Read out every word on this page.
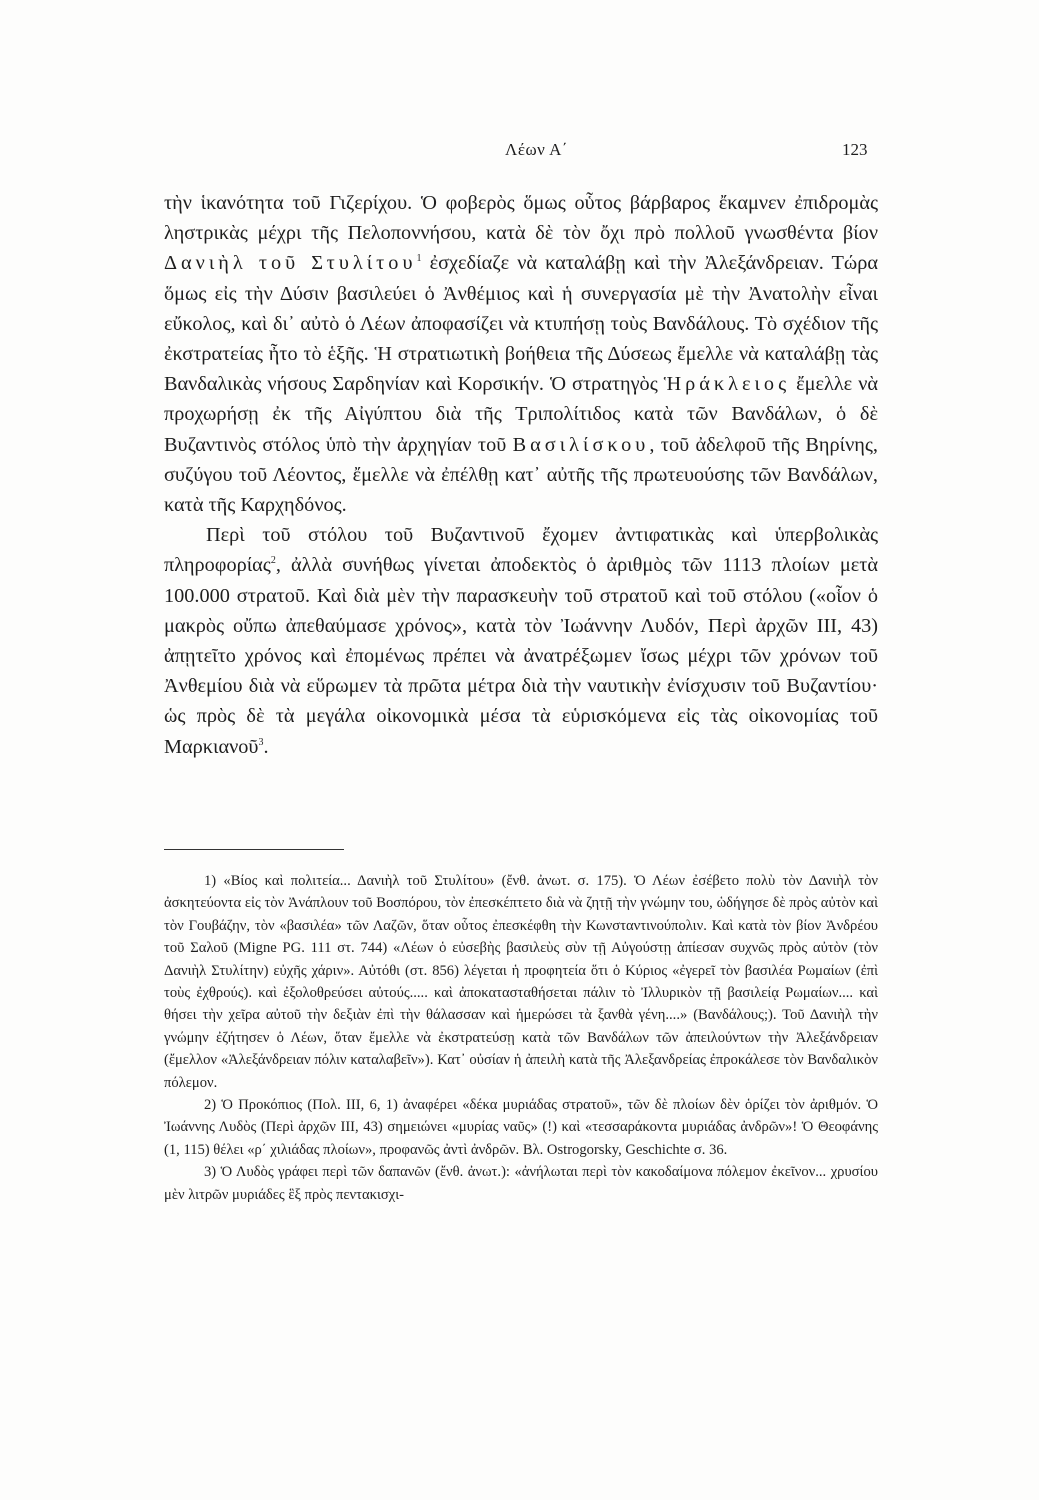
Λέων Α΄	123

τὴν ἱκανότητα τοῦ Γιζερίχου. Ὁ φοβερὸς ὅμως οὗτος βάρβαρος ἔκαμνεν ἐπιδρομὰς ληστρικὰς μέχρι τῆς Πελοποννήσου, κατὰ δὲ τὸν ὄχι πρὸ πολλοῦ γνωσθέντα βίον Δανιὴλ τοῦ Στυλίτου$^1$ ἐσχεδίαζε νὰ καταλάβῃ καὶ τὴν Ἀλεξάνδρειαν. Τώρα ὅμως εἰς τὴν Δύσιν βασιλεύει ὁ Ἀνθέμιος καὶ ἡ συνεργασία μὲ τὴν Ἀνατολὴν εἶναι εὔκολος, καὶ δι᾿ αὐτὸ ὁ Λέων ἀποφασίζει νὰ κτυπήσῃ τοὺς Βανδάλους. Τὸ σχέδιον τῆς ἐκστρατείας ἦτο τὸ ἑξῆς. Ἡ στρατιωτικὴ βοήθεια τῆς Δύσεως ἔμελλε νὰ καταλάβῃ τὰς Βανδαλικὰς νήσους Σαρδηνίαν καὶ Κορσικήν. Ὁ στρατηγὸς Ἡράκλειος ἔμελλε νὰ προχωρήσῃ ἐκ τῆς Αἰγύπτου διὰ τῆς Τριπολίτιδος κατὰ τῶν Βανδάλων, ὁ δὲ Βυζαντινὸς στόλος ὑπὸ τὴν ἀρχηγίαν τοῦ Βασιλίσκου, τοῦ ἀδελφοῦ τῆς Βηρίνης, συζύγου τοῦ Λέοντος, ἔμελλε νὰ ἐπέλθῃ κατ᾿ αὐτῆς τῆς πρωτευούσης τῶν Βανδάλων, κατὰ τῆς Καρχηδόνος.

Περὶ τοῦ στόλου τοῦ Βυζαντινοῦ ἔχομεν ἀντιφατικὰς καὶ ὑπερβολικὰς πληροφορίας$^2$, ἀλλὰ συνήθως γίνεται ἀποδεκτὸς ὁ ἀριθμὸς τῶν 1113 πλοίων μετὰ 100.000 στρατοῦ. Καὶ διὰ μὲν τὴν παρασκευὴν τοῦ στρατοῦ καὶ τοῦ στόλου («οἷον ὁ μακρὸς οὔπω ἀπεθαύμασε χρόνος», κατὰ τὸν Ἰωάννην Λυδόν, Περὶ ἀρχῶν III, 43) ἀπῃτεῖτο χρόνος καὶ ἐπομένως πρέπει νὰ ἀνατρέξωμεν ἴσως μέχρι τῶν χρόνων τοῦ Ἀνθεμίου διὰ νὰ εὕρωμεν τὰ πρῶτα μέτρα διὰ τὴν ναυτικὴν ἐνίσχυσιν τοῦ Βυζαντίου· ὡς πρὸς δὲ τὰ μεγάλα οἰκονομικὰ μέσα τὰ εὑρισκόμενα εἰς τὰς οἰκονομίας τοῦ Μαρκιανοῦ$^3$.

1) «Βίος καὶ πολιτεία... Δανιὴλ τοῦ Στυλίτου» (ἔνθ. ἀνωτ. σ. 175). Ὁ Λέων ἐσέβετο πολὺ τὸν Δανιὴλ τὸν ἀσκητεύοντα εἰς τὸν Ἀνάπλουν τοῦ Βοσπόρου, τὸν ἐπεσκέπτετο διὰ νὰ ζητῇ τὴν γνώμην του, ὡδήγησε δὲ πρὸς αὐτὸν καὶ τὸν Γουβάζην, τὸν «βασιλέα» τῶν Λαζῶν, ὅταν οὗτος ἐπεσκέφθη τὴν Κωνσταντινούπολιν. Καὶ κατὰ τὸν βίον Ἀνδρέου τοῦ Σαλοῦ (Migne PG. 111 στ. 744) «Λέων ὁ εὐσεβὴς βασιλεὺς σὺν τῇ Αὐγούστῃ ἀπίεσαν συχνῶς πρὸς αὐτὸν (τὸν Δανιὴλ Στυλίτην) εὐχῆς χάριν». Αὐτόθι (στ. 856) λέγεται ἡ προφητεία ὅτι ὁ Κύριος «ἐγερεῖ τὸν βασιλέα Ρωμαίων (ἐπὶ τοὺς ἐχθρούς). καὶ ἐξολοθρεύσει αὐτούς..... καὶ ἀποκατασταθήσεται πάλιν τὸ Ἰλλυρικὸν τῇ βασιλείᾳ Ρωμαίων.... καὶ θήσει τὴν χεῖρα αὐτοῦ τὴν δεξιὰν ἐπὶ τὴν θάλασσαν καὶ ἡμερώσει τὰ ξανθὰ γένη....» (Βανδάλους;). Τοῦ Δανιὴλ τὴν γνώμην ἐζήτησεν ὁ Λέων, ὅταν ἔμελλε νὰ ἐκστρατεύσῃ κατὰ τῶν Βανδάλων τῶν ἀπειλούντων τὴν Ἀλεξάνδρειαν (ἔμελλον «Ἀλεξάνδρειαν πόλιν καταλαβεῖν»). Κατ᾿ οὐσίαν ἡ ἀπειλὴ κατὰ τῆς Ἀλεξανδρείας ἐπροκάλεσε τὸν Βανδαλικὸν πόλεμον.

2) Ὁ Προκόπιος (Πολ. III, 6, 1) ἀναφέρει «δέκα μυριάδας στρατοῦ», τῶν δὲ πλοίων δὲν ὁρίζει τὸν ἀριθμόν. Ὁ Ἰωάννης Λυδὸς (Περὶ ἀρχῶν III, 43) σημειώνει «μυρίας ναῦς» (!) καὶ «τεσσαράκοντα μυριάδας ἀνδρῶν»! Ὁ Θεοφάνης (1, 115) θέλει «ρ΄ χιλιάδας πλοίων», προφανῶς ἀντὶ ἀνδρῶν. Βλ. Ostrogorsky, Geschichte σ. 36.

3) Ὁ Λυδὸς γράφει περὶ τῶν δαπανῶν (ἔνθ. ἀνωτ.): «ἀνήλωται περὶ τὸν κακοδαίμονα πόλεμον ἐκεῖνον... χρυσίου μὲν λιτρῶν μυριάδες ἓξ πρὸς πεντακισχι-
